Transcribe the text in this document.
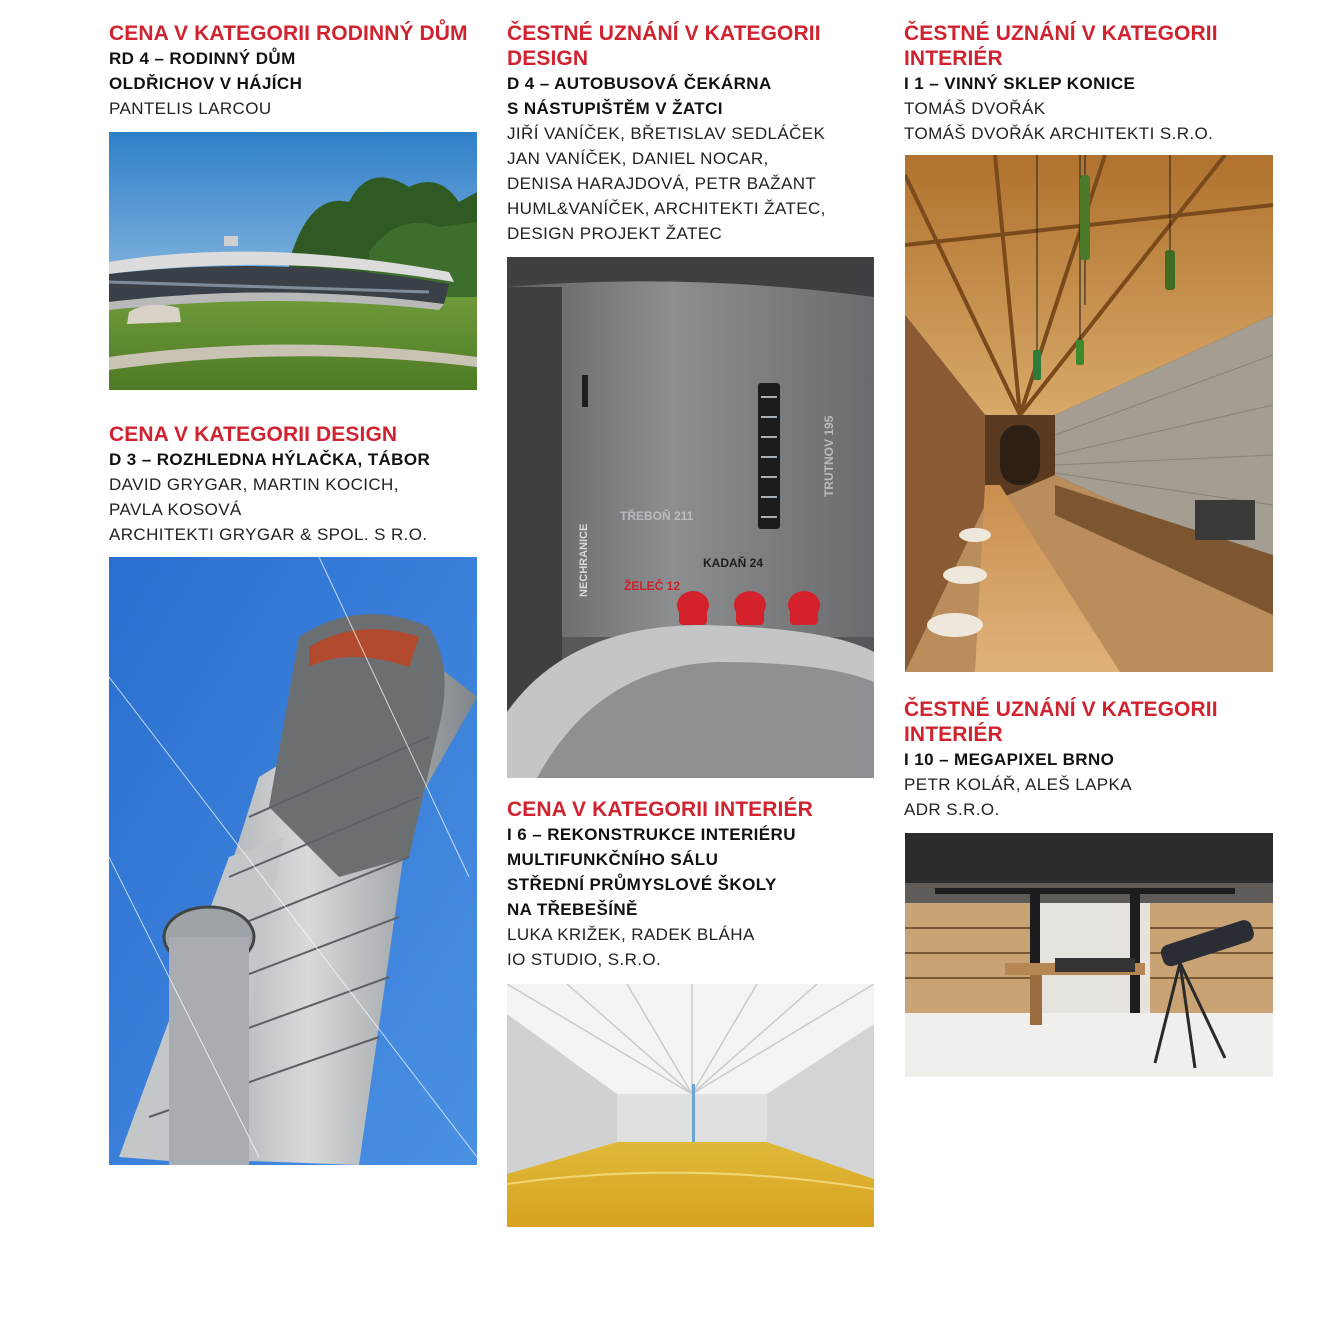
CENA V KATEGORII RODINNÝ DŮM

RD 4 – RODINNÝ DŮM

OLDŘICHOV V HÁJÍCH

PANTELIS LARCOU

CENA V KATEGORII DESIGN

D 3 – ROZHLEDNA HÝLAČKA, TÁBOR

DAVID GRYGAR, MARTIN KOCICH,

PAVLA KOSOVÁ

ARCHITEKTI GRYGAR & SPOL. S R.O.

ČESTNÉ UZNÁNÍ V KATEGORII

DESIGN

D 4 – AUTOBUSOVÁ ČEKÁRNA

S NÁSTUPIŠTĚM V ŽATCI

JIŘÍ VANÍČEK, BŘETISLAV SEDLÁČEK

JAN VANÍČEK, DANIEL NOCAR,

DENISA HARAJDOVÁ, PETR BAŽANT

HUML&VANÍČEK, ARCHITEKTI ŽATEC,

DESIGN PROJEKT ŽATEC

TŘEBOŇ 211
TRUTNOV 195
NECHRANICE	KADAŇ 24
ŽELEČ 12

CENA V KATEGORII INTERIÉR

I 6 – REKONSTRUKCE INTERIÉRU

MULTIFUNKČNÍHO SÁLU

STŘEDNÍ PRŮMYSLOVÉ ŠKOLY

NA TŘEBEŠÍNĚ

LUKA KRIŽEK, RADEK BLÁHA

IO STUDIO, S.R.O.

ČESTNÉ UZNÁNÍ V KATEGORII

INTERIÉR

I 1 – VINNÝ SKLEP KONICE

TOMÁŠ DVOŘÁK

TOMÁŠ DVOŘÁK ARCHITEKTI S.R.O.

ČESTNÉ UZNÁNÍ V KATEGORII

INTERIÉR

I 10 – MEGAPIXEL BRNO

PETR KOLÁŘ, ALEŠ LAPKA

ADR S.R.O.
